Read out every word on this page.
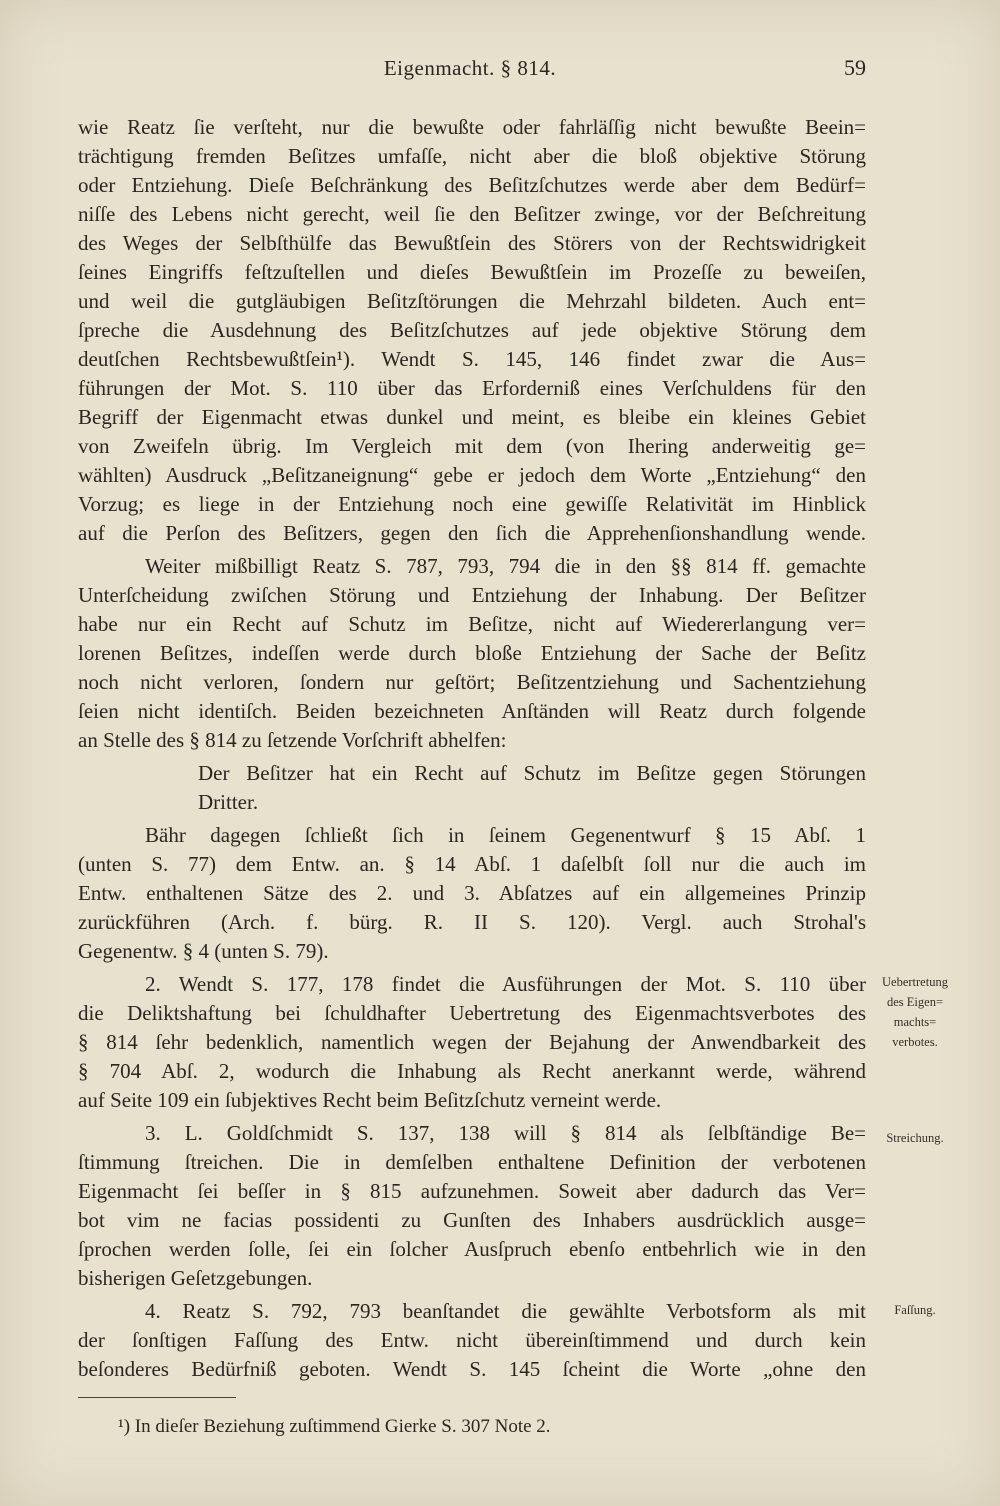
Eigenmacht. § 814.	59
wie Reatz ſie verſteht, nur die bewußte oder fahrläſſig nicht bewußte Beein=
trächtigung fremden Beſitzes umfaſſe, nicht aber die bloß objektive Störung
oder Entziehung. Dieſe Beſchränkung des Beſitzſchutzes werde aber dem Bedürf=
niſſe des Lebens nicht gerecht, weil ſie den Beſitzer zwinge, vor der Beſchreitung
des Weges der Selbſthülfe das Bewußtſein des Störers von der Rechtswidrigkeit
ſeines Eingriffs feſtzuſtellen und dieſes Bewußtſein im Prozeſſe zu beweiſen,
und weil die gutgläubigen Beſitzſtörungen die Mehrzahl bildeten. Auch ent=
ſpreche die Ausdehnung des Beſitzſchutzes auf jede objektive Störung dem
deutſchen Rechtsbewußtſein¹). Wendt S. 145, 146 findet zwar die Aus=
führungen der Mot. S. 110 über das Erforderniß eines Verſchuldens für den
Begriff der Eigenmacht etwas dunkel und meint, es bleibe ein kleines Gebiet
von Zweifeln übrig. Im Vergleich mit dem (von Ihering anderweitig ge=
wählten) Ausdruck „Beſitzaneignung“ gebe er jedoch dem Worte „Entziehung“ den
Vorzug; es liege in der Entziehung noch eine gewiſſe Relativität im Hinblick
auf die Perſon des Beſitzers, gegen den ſich die Apprehenſionshandlung wende.
Weiter mißbilligt Reatz S. 787, 793, 794 die in den §§ 814 ff. gemachte
Unterſcheidung zwiſchen Störung und Entziehung der Inhabung. Der Beſitzer
habe nur ein Recht auf Schutz im Beſitze, nicht auf Wiedererlangung ver=
lorenen Beſitzes, indeſſen werde durch bloße Entziehung der Sache der Beſitz
noch nicht verloren, ſondern nur geſtört; Beſitzentziehung und Sachentziehung
ſeien nicht identiſch. Beiden bezeichneten Anſtänden will Reatz durch folgende
an Stelle des § 814 zu ſetzende Vorſchrift abhelfen:
Der Beſitzer hat ein Recht auf Schutz im Beſitze gegen Störungen
Dritter.
Bähr dagegen ſchließt ſich in ſeinem Gegenentwurf § 15 Abſ. 1
(unten S. 77) dem Entw. an. § 14 Abſ. 1 daſelbſt ſoll nur die auch im
Entw. enthaltenen Sätze des 2. und 3. Abſatzes auf ein allgemeines Prinzip
zurückführen (Arch. f. bürg. R. II S. 120). Vergl. auch Strohal's
Gegenentw. § 4 (unten S. 79).
2. Wendt S. 177, 178 findet die Ausführungen der Mot. S. 110 über
die Deliktshaftung bei ſchuldhafter Uebertretung des Eigenmachtsverbotes des
§ 814 ſehr bedenklich, namentlich wegen der Bejahung der Anwendbarkeit des
§ 704 Abſ. 2, wodurch die Inhabung als Recht anerkannt werde, während
auf Seite 109 ein ſubjektives Recht beim Beſitzſchutz verneint werde.
3. L. Goldſchmidt S. 137, 138 will § 814 als ſelbſtändige Be=
ſtimmung ſtreichen. Die in demſelben enthaltene Definition der verbotenen
Eigenmacht ſei beſſer in § 815 aufzunehmen. Soweit aber dadurch das Ver=
bot vim ne facias possidenti zu Gunſten des Inhabers ausdrücklich ausge=
ſprochen werden ſolle, ſei ein ſolcher Ausſpruch ebenſo entbehrlich wie in den
bisherigen Geſetzgebungen.
4. Reatz S. 792, 793 beanſtandet die gewählte Verbotsform als mit
der ſonſtigen Faſſung des Entw. nicht übereinſtimmend und durch kein
beſonderes Bedürfniß geboten. Wendt S. 145 ſcheint die Worte „ohne den
Uebertretung
des Eigen=
machts=
verbotes.
Streichung.
Faſſung.
¹) In dieſer Beziehung zuſtimmend Gierke S. 307 Note 2.
